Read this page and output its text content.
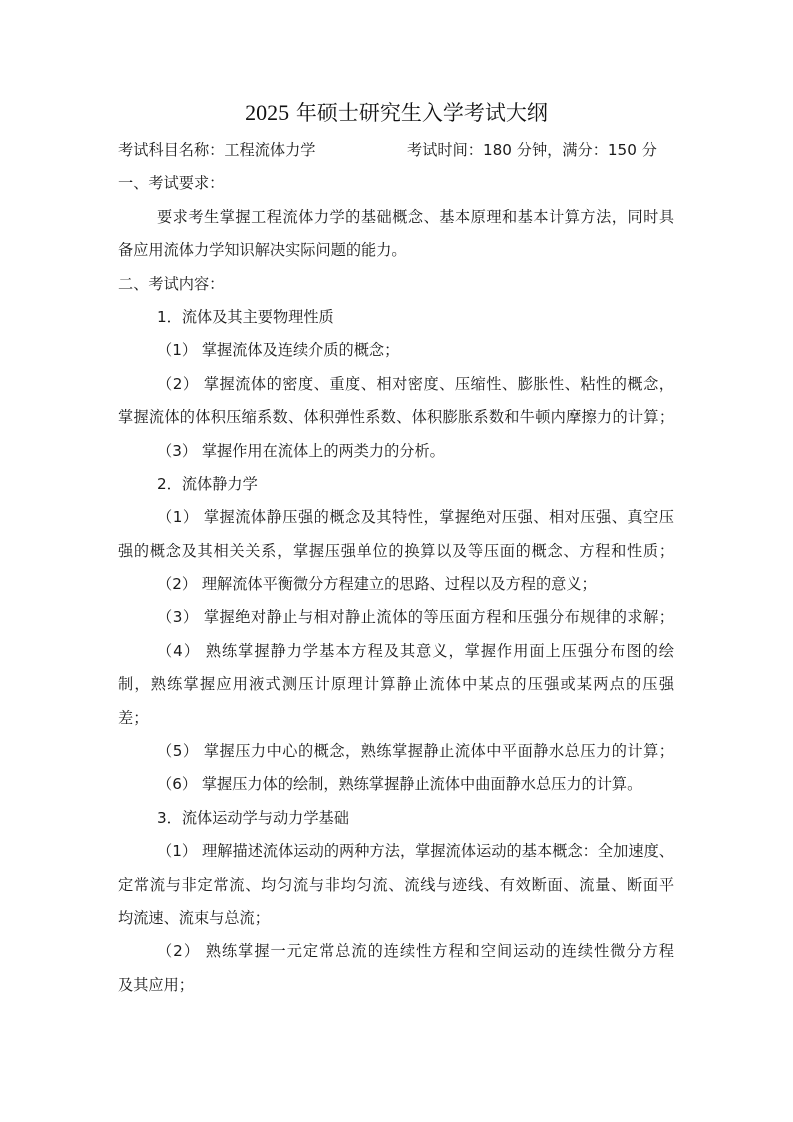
2025 年硕士研究生入学考试大纲
考试科目名称： 工程流体力学	考试时间：180 分钟，满分：150 分
一、考试要求：
要求考生掌握工程流体力学的基础概念、基本原理和基本计算方法，同时具
备应用流体力学知识解决实际问题的能力。
二、考试内容：
1．流体及其主要物理性质
（1） 掌握流体及连续介质的概念；
（2） 掌握流体的密度、重度、相对密度、压缩性、膨胀性、粘性的概念，
掌握流体的体积压缩系数、体积弹性系数、体积膨胀系数和牛顿内摩擦力的计算；
（3） 掌握作用在流体上的两类力的分析。
2．流体静力学
（1） 掌握流体静压强的概念及其特性，掌握绝对压强、相对压强、真空压
强的概念及其相关关系，掌握压强单位的换算以及等压面的概念、方程和性质；
（2） 理解流体平衡微分方程建立的思路、过程以及方程的意义；
（3） 掌握绝对静止与相对静止流体的等压面方程和压强分布规律的求解；
（4） 熟练掌握静力学基本方程及其意义，掌握作用面上压强分布图的绘
制，熟练掌握应用液式测压计原理计算静止流体中某点的压强或某两点的压强
差；
（5） 掌握压力中心的概念，熟练掌握静止流体中平面静水总压力的计算；
（6） 掌握压力体的绘制，熟练掌握静止流体中曲面静水总压力的计算。
3．流体运动学与动力学基础
（1） 理解描述流体运动的两种方法，掌握流体运动的基本概念：全加速度、
定常流与非定常流、均匀流与非均匀流、流线与迹线、有效断面、流量、断面平
均流速、流束与总流；
（2） 熟练掌握一元定常总流的连续性方程和空间运动的连续性微分方程
及其应用；
